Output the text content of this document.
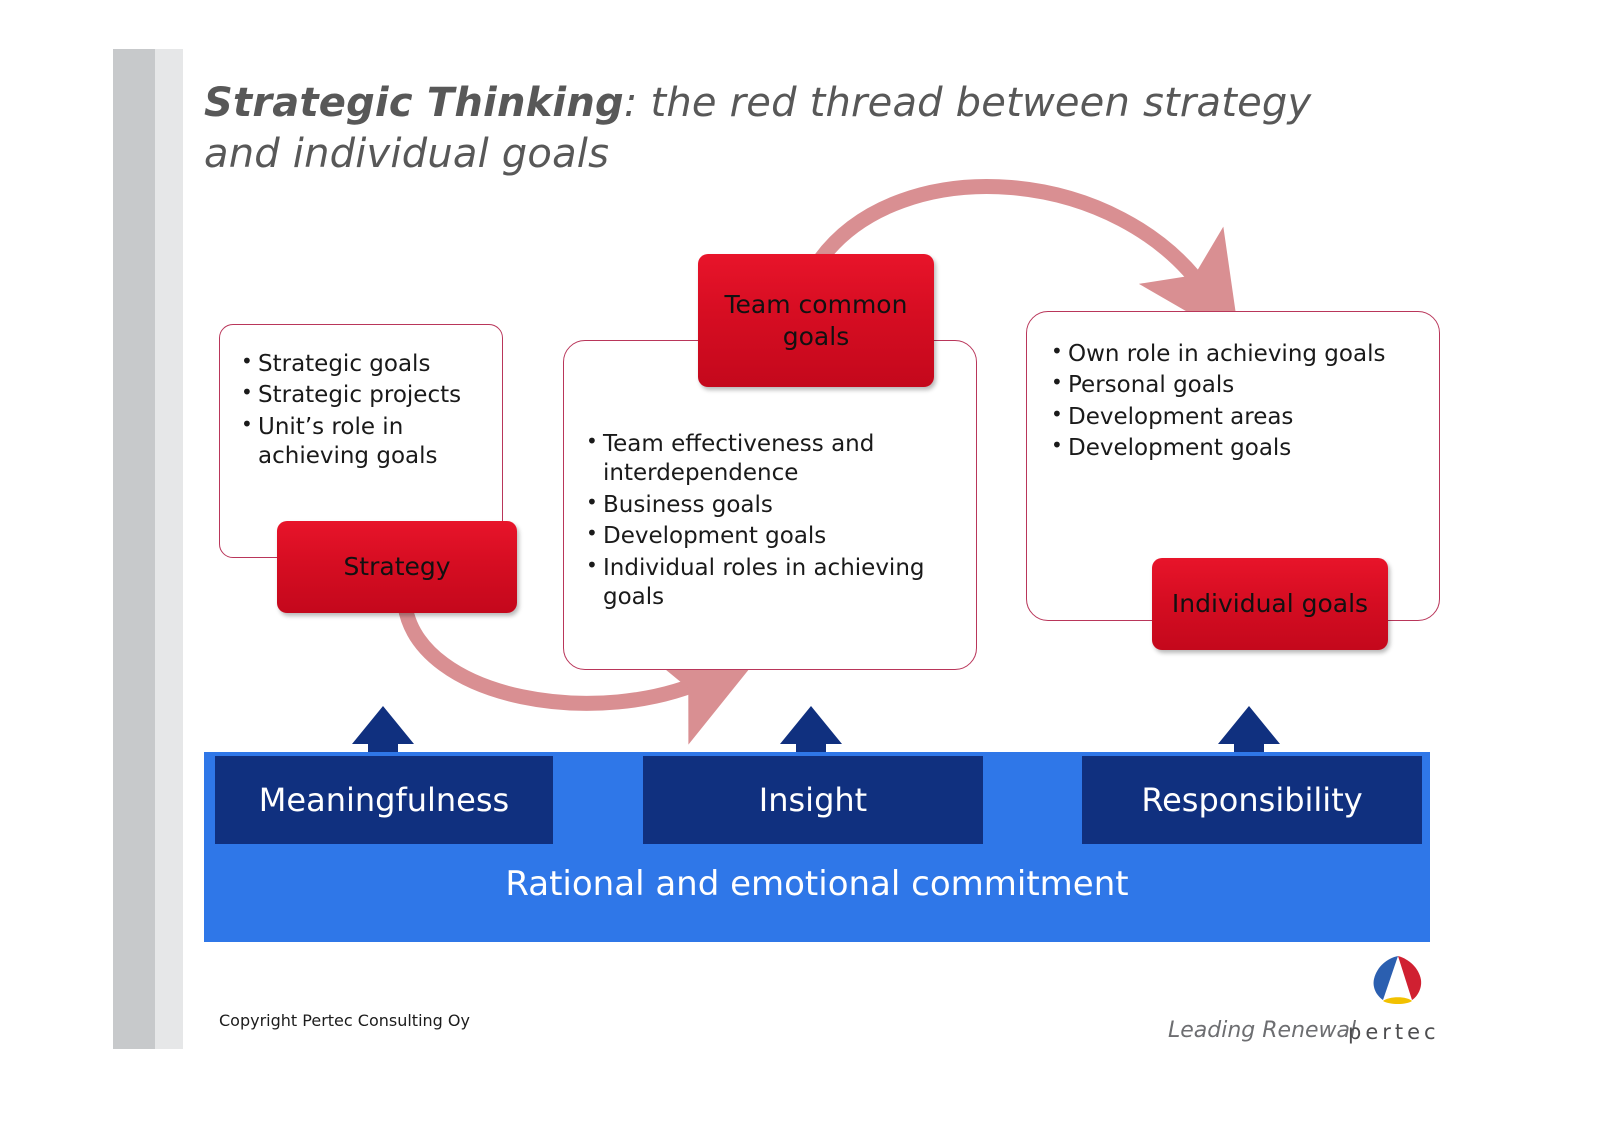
Strategic Thinking: the red thread between strategy and individual goals
• Strategic goals
• Strategic projects
• Unit’s role in achieving goals	• Team effectiveness and interdependence
• Business goals
• Development goals
• Individual roles in achieving goals
• Own role in achieving goals
• Personal goals
• Development areas
• Development goals
Team common goals
Strategy
Individual goals
Rational and emotional commitment
Meaningfulness	Insight	Responsibility
Copyright Pertec Consulting Oy	Leading Renewal
pertec
